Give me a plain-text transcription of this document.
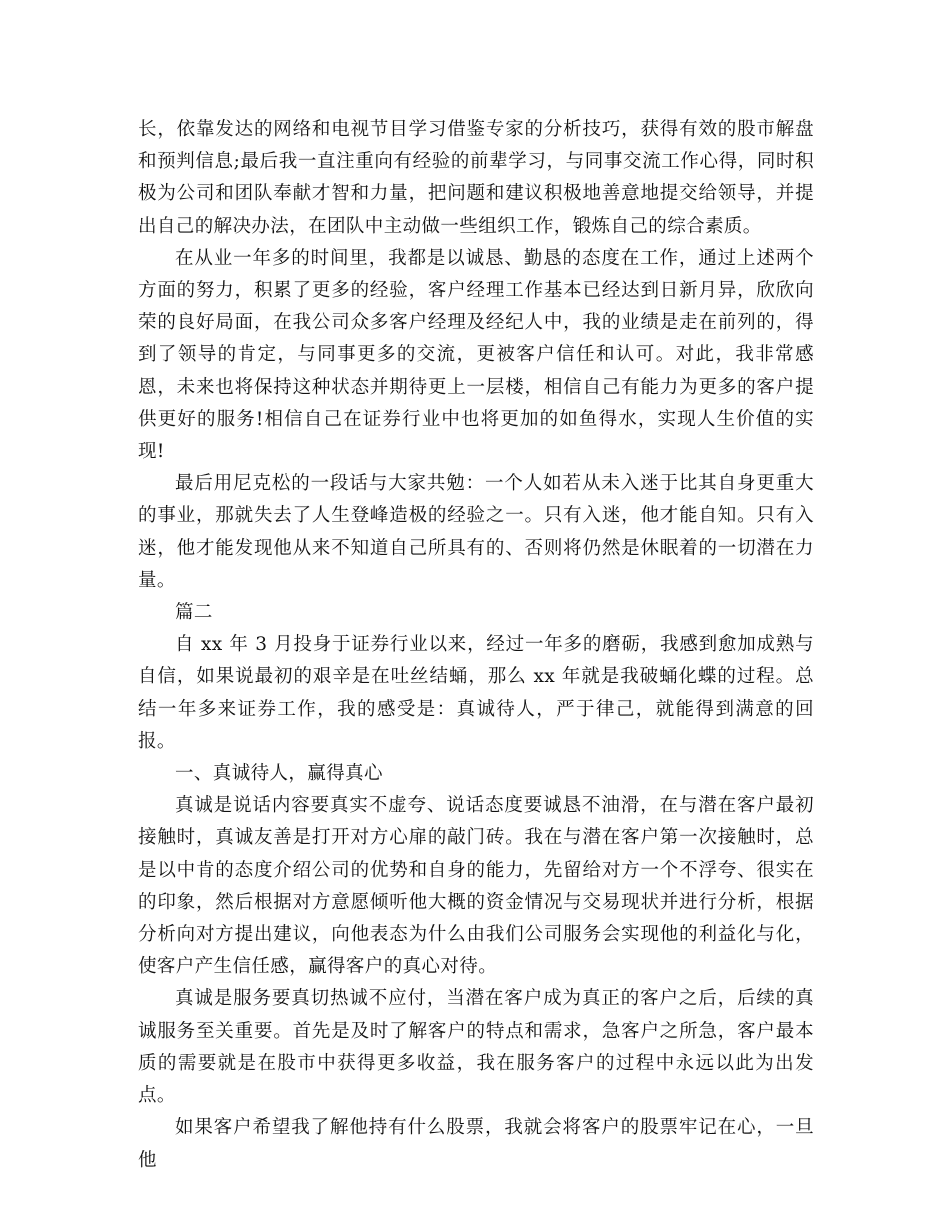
长，依靠发达的网络和电视节目学习借鉴专家的分析技巧，获得有效的股市解盘和预判信息;最后我一直注重向有经验的前辈学习，与同事交流工作心得，同时积极为公司和团队奉献才智和力量，把问题和建议积极地善意地提交给领导，并提出自己的解决办法，在团队中主动做一些组织工作，锻炼自己的综合素质。

在从业一年多的时间里，我都是以诚恳、勤恳的态度在工作，通过上述两个方面的努力，积累了更多的经验，客户经理工作基本已经达到日新月异，欣欣向荣的良好局面，在我公司众多客户经理及经纪人中，我的业绩是走在前列的，得到了领导的肯定，与同事更多的交流，更被客户信任和认可。对此，我非常感恩，未来也将保持这种状态并期待更上一层楼，相信自己有能力为更多的客户提供更好的服务!相信自己在证券行业中也将更加的如鱼得水，实现人生价值的实现!

最后用尼克松的一段话与大家共勉：一个人如若从未入迷于比其自身更重大的事业，那就失去了人生登峰造极的经验之一。只有入迷，他才能自知。只有入迷，他才能发现他从来不知道自己所具有的、否则将仍然是休眠着的一切潜在力量。

篇二

自 xx 年 3 月投身于证券行业以来，经过一年多的磨砺，我感到愈加成熟与自信，如果说最初的艰辛是在吐丝结蛹，那么 xx 年就是我破蛹化蝶的过程。总结一年多来证券工作，我的感受是：真诚待人，严于律己，就能得到满意的回报。

一、真诚待人，赢得真心

真诚是说话内容要真实不虚夸、说话态度要诚恳不油滑，在与潜在客户最初接触时，真诚友善是打开对方心扉的敲门砖。我在与潜在客户第一次接触时，总是以中肯的态度介绍公司的优势和自身的能力，先留给对方一个不浮夸、很实在的印象，然后根据对方意愿倾听他大概的资金情况与交易现状并进行分析，根据分析向对方提出建议，向他表态为什么由我们公司服务会实现他的利益化与化，使客户产生信任感，赢得客户的真心对待。

真诚是服务要真切热诚不应付，当潜在客户成为真正的客户之后，后续的真诚服务至关重要。首先是及时了解客户的特点和需求，急客户之所急，客户最本质的需要就是在股市中获得更多收益，我在服务客户的过程中永远以此为出发点。

如果客户希望我了解他持有什么股票，我就会将客户的股票牢记在心，一旦他
